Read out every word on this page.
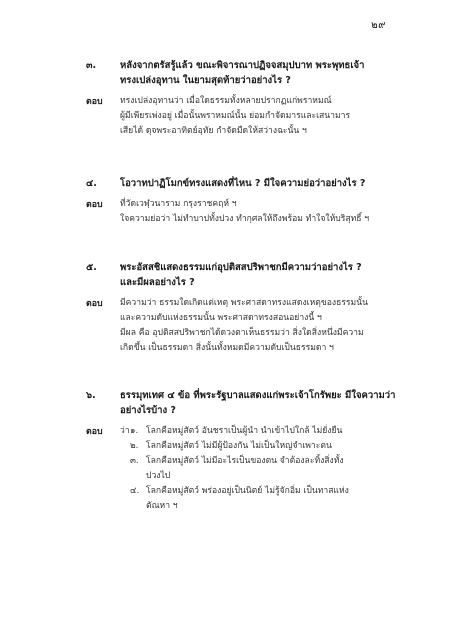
๒๙
๓.	หลังจากตรัสรู้แล้ว ขณะพิจารณาปฏิจจสมุปบาท พระพุทธเจ้า
ทรงเปล่งอุทาน ในยามสุดท้ายว่าอย่างไร ?
ตอบ ทรงเปล่งอุทานว่า เมื่อใดธรรมทั้งหลายปรากฏแก่พราหมณ์
ผู้มีเพียรเพ่งอยู่ เมื่อนั้นพราหมณ์นั้น ย่อมกำจัดมารและเสนามาร
เสียได้ ดุจพระอาทิตย์อุทัย กำจัดมืดให้สว่างฉะนั้น ฯ
๔. โอวาทปาฏิโมกข์ทรงแสดงที่ไหน ? มีใจความย่อว่าอย่างไร ?
ตอบ ที่วัดเวฬุวนาราม กรุงราชคฤห์ ฯ
ใจความย่อว่า ไม่ทำบาปทั้งปวง ทำกุศลให้ถึงพร้อม ทำใจให้บริสุทธิ์ ฯ
๕. พระอัสสชิแสดงธรรมแก่อุปติสสปริพาชกมีความว่าอย่างไร ?
และมีผลอย่างไร ?
ตอบ มีความว่า ธรรมใดเกิดแต่เหตุ พระศาสดาทรงแสดงเหตุของธรรมนั้น
และความดับแห่งธรรมนั้น พระศาสดาทรงสอนอย่างนี้ ฯ
มีผล คือ อุปติสสปริพาชกได้ดวงตาเห็นธรรมว่า สิ่งใดสิ่งหนึ่งมีความ
เกิดขึ้น เป็นธรรมดา สิ่งนั้นทั้งหมดมีความดับเป็นธรรมดา ฯ
๖.	ธรรมุทเทศ ๔ ข้อ ที่พระรัฐบาลแสดงแก่พระเจ้าโกรัพยะ มีใจความว่า
อย่างไรบ้าง ?
ตอบ ว่า ๑. โลกคือหมู่สัตว์ อันชราเป็นผู้นำ นำเข้าไปใกล้ ไม่ยั่งยืน
๒. โลกคือหมู่สัตว์ ไม่มีผู้ป้องกัน ไม่เป็นใหญ่จำเพาะตน
๓. โลกคือหมู่สัตว์ ไม่มีอะไรเป็นของตน จำต้องละทิ้งสิ่งทั้ง
ปวงไป
๔. โลกคือหมู่สัตว์ พร่องอยู่เป็นนิตย์ ไม่รู้จักอิ่ม เป็นทาสแห่ง
ตัณหา ฯ
